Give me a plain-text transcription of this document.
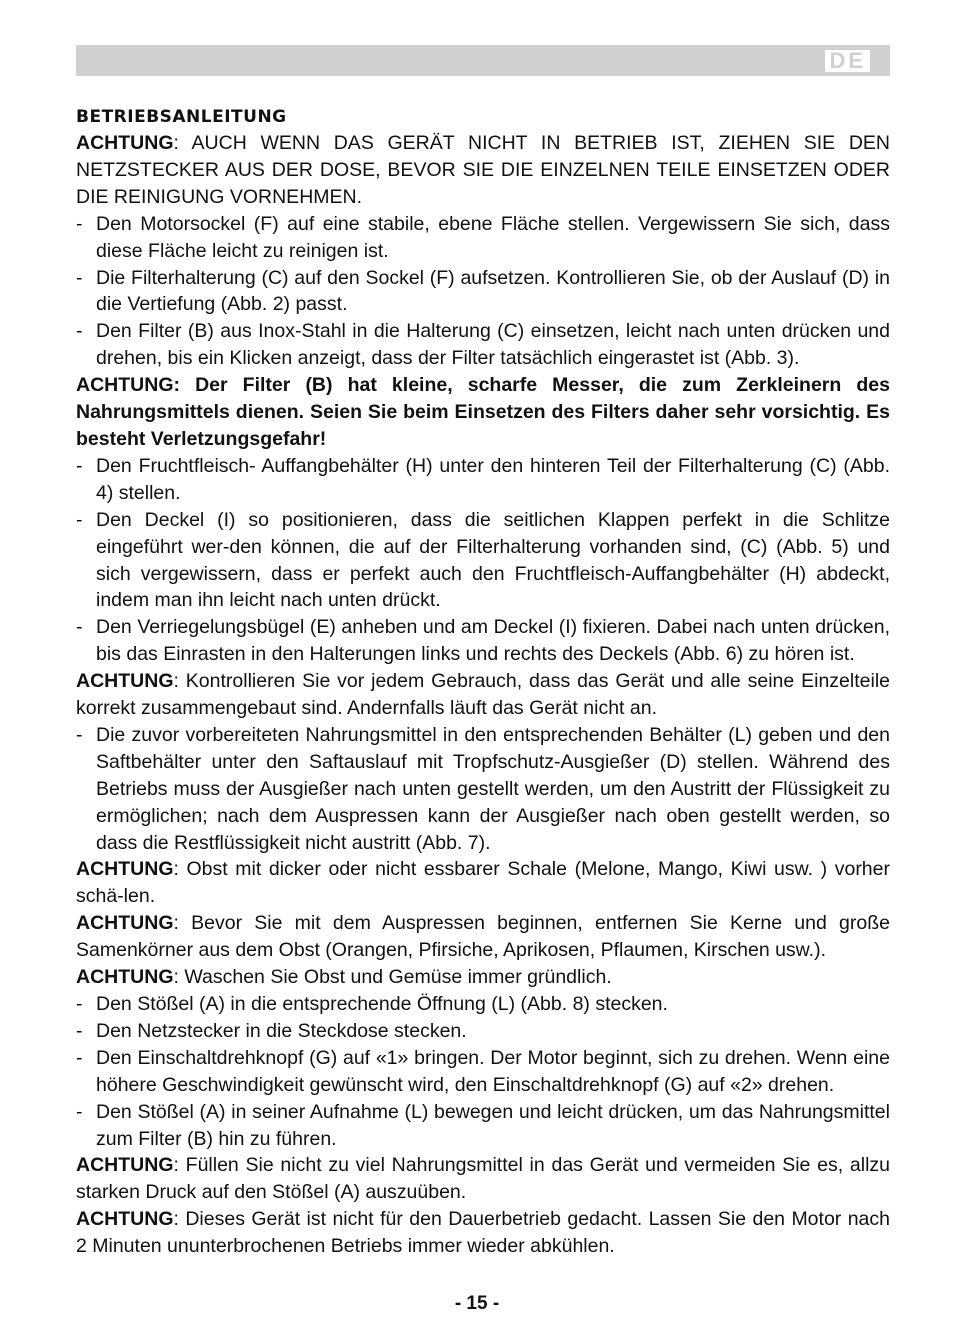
DE
BETRIEBSANLEITUNG

ACHTUNG: AUCH WENN DAS GERÄT NICHT IN BETRIEB IST, ZIEHEN SIE DEN NETZSTECKER AUS DER DOSE, BEVOR SIE DIE EINZELNEN TEILE EINSETZEN ODER DIE REINIGUNG VORNEHMEN.

- Den Motorsockel (F) auf eine stabile, ebene Fläche stellen. Vergewissern Sie sich, dass diese Fläche leicht zu reinigen ist.

- Die Filterhalterung (C) auf den Sockel (F) aufsetzen. Kontrollieren Sie, ob der Auslauf (D) in die Vertiefung (Abb. 2) passt.

- Den Filter (B) aus Inox-Stahl in die Halterung (C) einsetzen, leicht nach unten drücken und drehen, bis ein Klicken anzeigt, dass der Filter tatsächlich eingerastet ist (Abb. 3).

ACHTUNG: Der Filter (B) hat kleine, scharfe Messer, die zum Zerkleinern des Nahrungsmittels dienen. Seien Sie beim Einsetzen des Filters daher sehr vorsichtig. Es besteht Verletzungsgefahr!

- Den Fruchtfleisch- Auffangbehälter (H) unter den hinteren Teil der Filterhalterung (C) (Abb. 4) stellen.

- Den Deckel (I) so positionieren, dass die seitlichen Klappen perfekt in die Schlitze eingeführt wer-den können, die auf der Filterhalterung vorhanden sind, (C) (Abb. 5) und sich vergewissern, dass er perfekt auch den Fruchtfleisch-Auffangbehälter (H) abdeckt, indem man ihn leicht nach unten drückt.

- Den Verriegelungsbügel (E) anheben und am Deckel (I) fixieren. Dabei nach unten drücken, bis das Einrasten in den Halterungen links und rechts des Deckels (Abb. 6) zu hören ist.

ACHTUNG: Kontrollieren Sie vor jedem Gebrauch, dass das Gerät und alle seine Einzelteile korrekt zusammengebaut sind. Andernfalls läuft das Gerät nicht an.

- Die zuvor vorbereiteten Nahrungsmittel in den entsprechenden Behälter (L) geben und den Saftbehälter unter den Saftauslauf mit Tropfschutz-Ausgießer (D) stellen. Während des Betriebs muss der Ausgießer nach unten gestellt werden, um den Austritt der Flüssigkeit zu ermöglichen; nach dem Auspressen kann der Ausgießer nach oben gestellt werden, so dass die Restflüssigkeit nicht austritt (Abb. 7).

ACHTUNG: Obst mit dicker oder nicht essbarer Schale (Melone, Mango, Kiwi usw. ) vorher schä-len.

ACHTUNG: Bevor Sie mit dem Auspressen beginnen, entfernen Sie Kerne und große Samenkörner aus dem Obst (Orangen, Pfirsiche, Aprikosen, Pflaumen, Kirschen usw.).

ACHTUNG: Waschen Sie Obst und Gemüse immer gründlich.

- Den Stößel (A) in die entsprechende Öffnung (L) (Abb. 8) stecken.

- Den Netzstecker in die Steckdose stecken.

- Den Einschaltdrehknopf (G) auf «1» bringen. Der Motor beginnt, sich zu drehen. Wenn eine höhere Geschwindigkeit gewünscht wird, den Einschaltdrehknopf (G) auf «2» drehen.

- Den Stößel (A) in seiner Aufnahme (L) bewegen und leicht drücken, um das Nahrungsmittel zum Filter (B) hin zu führen.

ACHTUNG: Füllen Sie nicht zu viel Nahrungsmittel in das Gerät und vermeiden Sie es, allzu starken Druck auf den Stößel (A) auszuüben.

ACHTUNG: Dieses Gerät ist nicht für den Dauerbetrieb gedacht. Lassen Sie den Motor nach 2 Minuten ununterbrochenen Betriebs immer wieder abkühlen.

- 15 -
